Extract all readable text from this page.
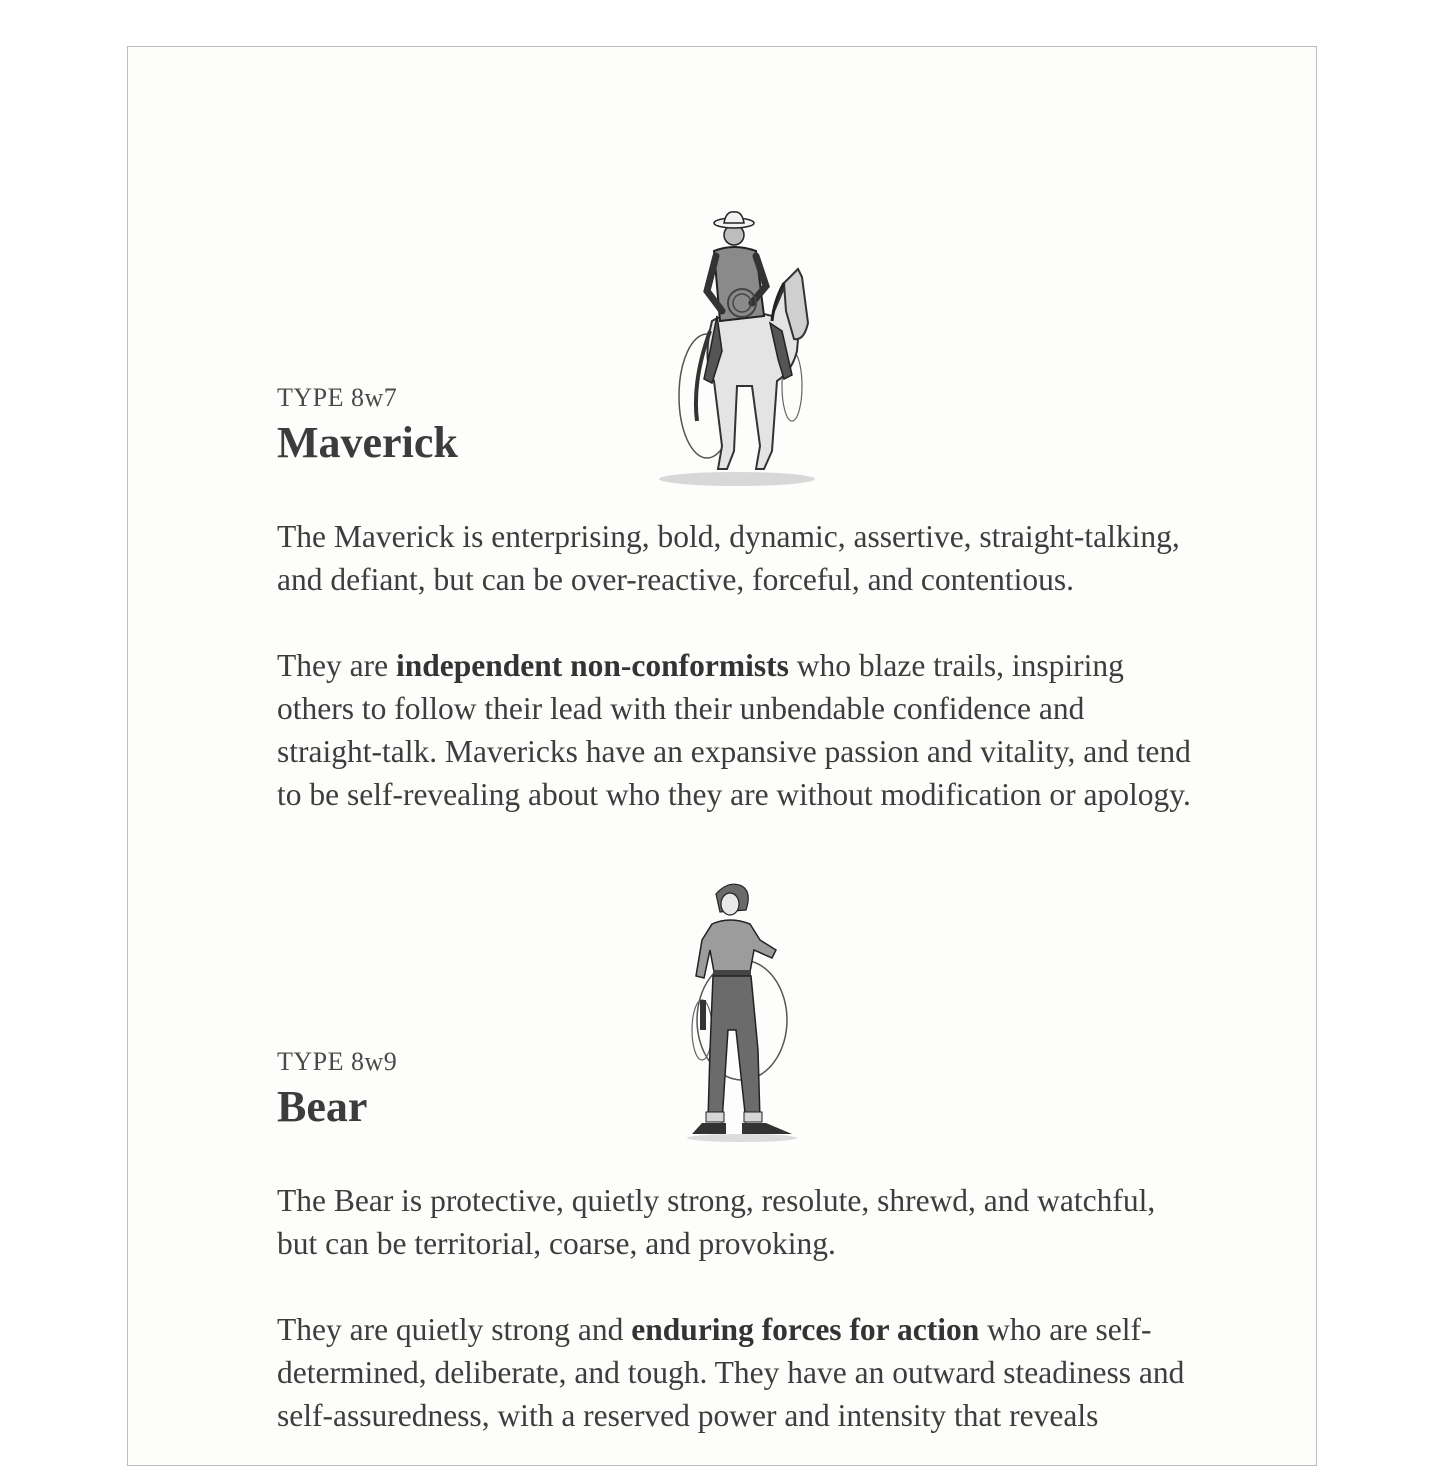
TYPE 8w7
Maverick

The Maverick is enterprising, bold, dynamic, assertive, straight-talking, and defiant, but can be over-reactive, forceful, and contentious.

They are independent non-conformists who blaze trails, inspiring others to follow their lead with their unbendable confidence and straight-talk. Mavericks have an expansive passion and vitality, and tend to be self-revealing about who they are without modification or apology.

TYPE 8w9
Bear

The Bear is protective, quietly strong, resolute, shrewd, and watchful, but can be territorial, coarse, and provoking.

They are quietly strong and enduring forces for action who are self-determined, deliberate, and tough. They have an outward steadiness and self-assuredness, with a reserved power and intensity that reveals
